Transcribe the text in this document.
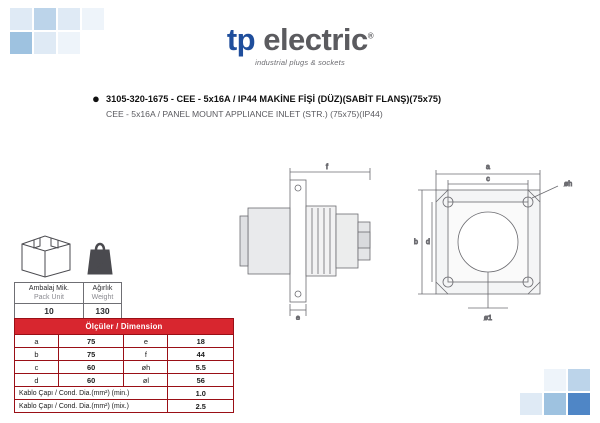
tp electric®
industrial plugs & sockets
● 3105-320-1675 - CEE - 5x16A / IP44 MAKİNE FİŞİ (DÜZ)(SABİT FLANŞ)(75x75)
CEE - 5x16A / PANEL MOUNT APPLIANCE INLET (STR.) (75x75)(IP44)
gr
Ambalaj Mik.	Ağırlık
Pack Unit	Weight
10	130
Ölçüler / Dimension			
a	75	e	18
b	75	f	44
c	60	øh	5.5
d	60	øl	56
Kablo Çapı / Cond. Dia.(mm²) (min.)			1.0
Kablo Çapı / Cond. Dia.(mm²) (mix.)			2.5
f
e
a
c
b d
øh
ø1
